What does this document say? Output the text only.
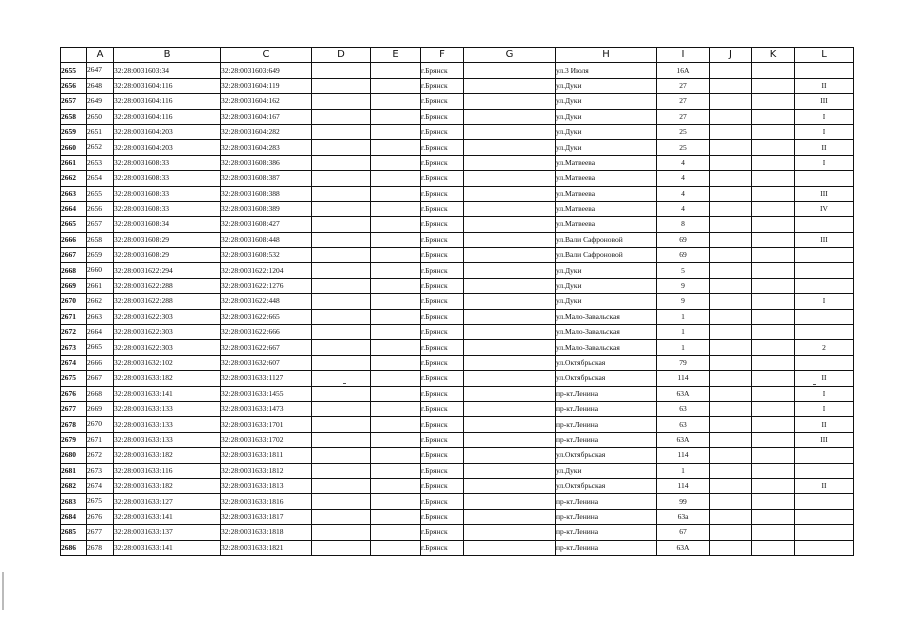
	A	B	C	D	E	F	G	H	I	J	K	L
2655	2647	32:28:0031603:34	32:28:0031603:649			г.Брянск		ул.3 Июля	16А			
2656	2648	32:28:0031604:116	32:28:0031604:119			г.Брянск		ул.Дуки	27			II
2657	2649	32:28:0031604:116	32:28:0031604:162			г.Брянск		ул.Дуки	27			III
2658	2650	32:28:0031604:116	32:28:0031604:167			г.Брянск		ул.Дуки	27			I
2659	2651	32:28:0031604:203	32:28:0031604:282			г.Брянск		ул.Дуки	25			I
2660	2652	32:28:0031604:203	32:28:0031604:283			г.Брянск		ул.Дуки	25			II
2661	2653	32:28:0031608:33	32:28:0031608:386			г.Брянск		ул.Матвеева	4			I
2662	2654	32:28:0031608:33	32:28:0031608:387			г.Брянск		ул.Матвеева	4			
2663	2655	32:28:0031608:33	32:28:0031608:388			г.Брянск		ул.Матвеева	4			III
2664	2656	32:28:0031608:33	32:28:0031608:389			г.Брянск		ул.Матвеева	4			IV
2665	2657	32:28:0031608:34	32:28:0031608:427			г.Брянск		ул.Матвеева	8			
2666	2658	32:28:0031608:29	32:28:0031608:448			г.Брянск		ул.Вали Сафроновой	69			III
2667	2659	32:28:0031608:29	32:28:0031608:532			г.Брянск		ул.Вали Сафроновой	69			
2668	2660	32:28:0031622:294	32:28:0031622:1204			г.Брянск		ул.Дуки	5			
2669	2661	32:28:0031622:288	32:28:0031622:1276			г.Брянск		ул.Дуки	9			
2670	2662	32:28:0031622:288	32:28:0031622:448			г.Брянск		ул.Дуки	9			I
2671	2663	32:28:0031622:303	32:28:0031622:665			г.Брянск		ул.Мало-Завальская	1			
2672	2664	32:28:0031622:303	32:28:0031622:666			г.Брянск		ул.Мало-Завальская	1			
2673	2665	32:28:0031622:303	32:28:0031622:667			г.Брянск		ул.Мало-Завальская	1			2
2674	2666	32:28:0031632:102	32:28:0031632:607			г.Брянск		ул.Октябрьская	79			
2675	2667	32:28:0031633:182	32:28:0031633:1127			г.Брянск		ул.Октябрьская	114			II
2676	2668	32:28:0031633:141	32:28:0031633:1455			г.Брянск		пр-кт.Ленина	63А			I
2677	2669	32:28:0031633:133	32:28:0031633:1473			г.Брянск		пр-кт.Ленина	63			I
2678	2670	32:28:0031633:133	32:28:0031633:1701			г.Брянск		пр-кт.Ленина	63			II
2679	2671	32:28:0031633:133	32:28:0031633:1702			г.Брянск		пр-кт.Ленина	63А			III
2680	2672	32:28:0031633:182	32:28:0031633:1811			г.Брянск		ул.Октябрьская	114			
2681	2673	32:28:0031633:116	32:28:0031633:1812			г.Брянск		ул.Дуки	1			
2682	2674	32:28:0031633:182	32:28:0031633:1813			г.Брянск		ул.Октябрьская	114			II
2683	2675	32:28:0031633:127	32:28:0031633:1816			г.Брянск		пр-кт.Ленина	99			
2684	2676	32:28:0031633:141	32:28:0031633:1817			г.Брянск		пр-кт.Ленина	63а			
2685	2677	32:28:0031633:137	32:28:0031633:1818			г.Брянск		пр-кт.Ленина	67			
2686	2678	32:28:0031633:141	32:28:0031633:1821			г.Брянск		пр-кт.Ленина	63А			
